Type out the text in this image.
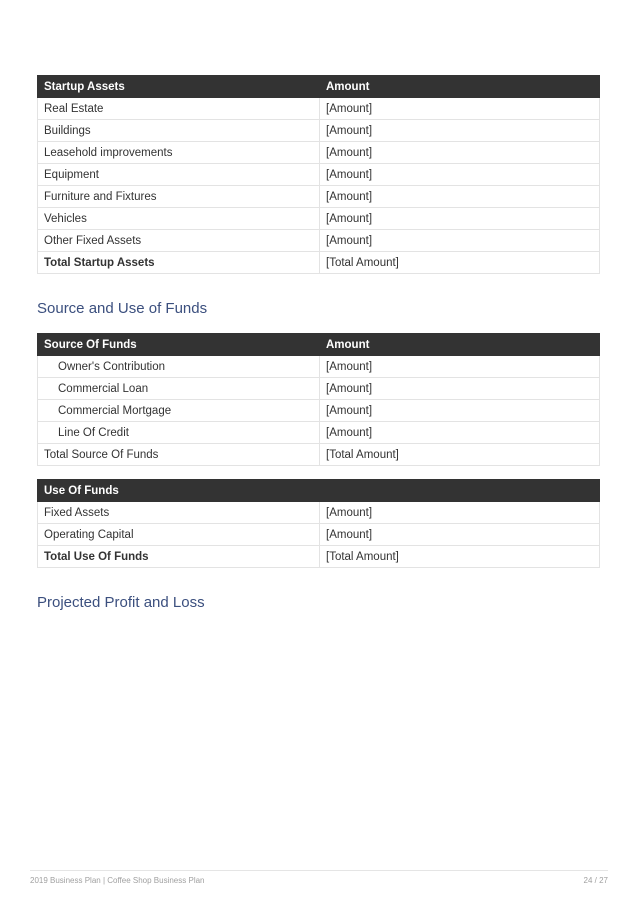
Startup Assets	Amount
Real Estate	[Amount]
Buildings	[Amount]
Leasehold improvements	[Amount]
Equipment	[Amount]
Furniture and Fixtures	[Amount]
Vehicles	[Amount]
Other Fixed Assets	[Amount]
Total Startup Assets	[Total Amount]
Source and Use of Funds
Source Of Funds	Amount
Owner's Contribution	[Amount]
Commercial Loan	[Amount]
Commercial Mortgage	[Amount]
Line Of Credit	[Amount]
Total Source Of Funds	[Total Amount]
Use Of Funds	
Fixed Assets	[Amount]
Operating Capital	[Amount]
Total Use Of Funds	[Total Amount]
Projected Profit and Loss
2019 Business Plan | Coffee Shop Business Plan	24 / 27
